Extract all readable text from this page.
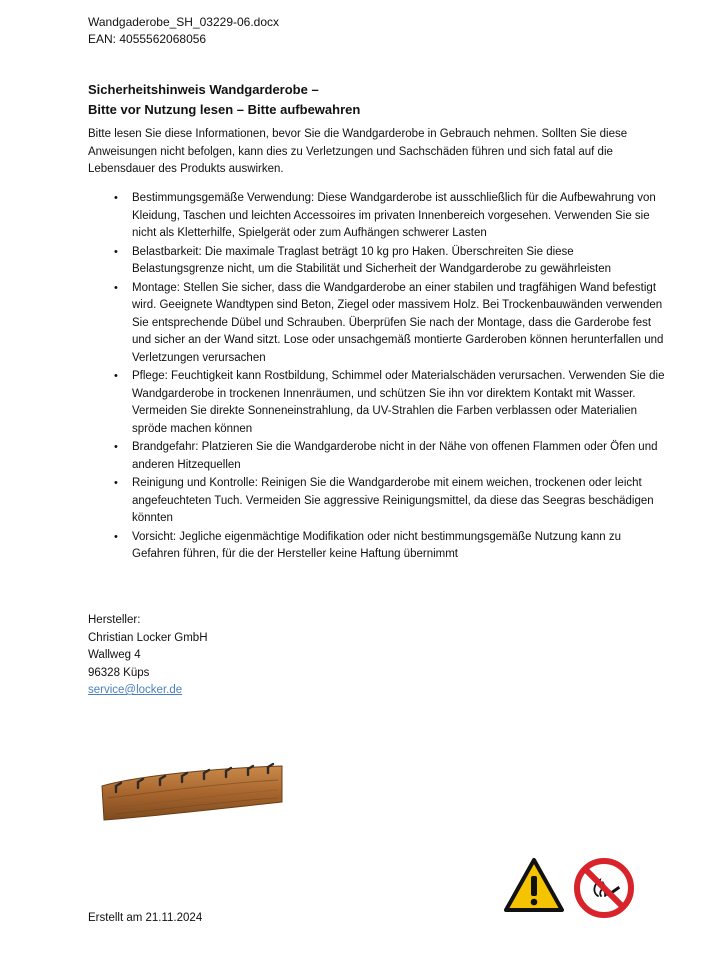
Wandgaderobe_SH_03229-06.docx
EAN: 4055562068056
Sicherheitshinweis Wandgarderobe –
Bitte vor Nutzung lesen – Bitte aufbewahren
Bitte lesen Sie diese Informationen, bevor Sie die Wandgarderobe in Gebrauch nehmen. Sollten Sie diese Anweisungen nicht befolgen, kann dies zu Verletzungen und Sachschäden führen und sich fatal auf die Lebensdauer des Produkts auswirken.
• Bestimmungsgemäße Verwendung: Diese Wandgarderobe ist ausschließlich für die Aufbewahrung von Kleidung, Taschen und leichten Accessoires im privaten Innenbereich vorgesehen. Verwenden Sie sie nicht als Kletterhilfe, Spielgerät oder zum Aufhängen schwerer Lasten
• Belastbarkeit: Die maximale Traglast beträgt 10 kg pro Haken. Überschreiten Sie diese Belastungsgrenze nicht, um die Stabilität und Sicherheit der Wandgarderobe zu gewährleisten
• Montage: Stellen Sie sicher, dass die Wandgarderobe an einer stabilen und tragfähigen Wand befestigt wird. Geeignete Wandtypen sind Beton, Ziegel oder massivem Holz. Bei Trockenbauwänden verwenden Sie entsprechende Dübel und Schrauben. Überprüfen Sie nach der Montage, dass die Garderobe fest und sicher an der Wand sitzt. Lose oder unsachgemäß montierte Garderoben können herunterfallen und Verletzungen verursachen
• Pflege: Feuchtigkeit kann Rostbildung, Schimmel oder Materialschäden verursachen. Verwenden Sie die Wandgarderobe in trockenen Innenräumen, und schützen Sie ihn vor direktem Kontakt mit Wasser. Vermeiden Sie direkte Sonneneinstrahlung, da UV-Strahlen die Farben verblassen oder Materialien spröde machen können
• Brandgefahr: Platzieren Sie die Wandgarderobe nicht in der Nähe von offenen Flammen oder Öfen und anderen Hitzequellen
• Reinigung und Kontrolle: Reinigen Sie die Wandgarderobe mit einem weichen, trockenen oder leicht angefeuchteten Tuch. Vermeiden Sie aggressive Reinigungsmittel, da diese das Seegras beschädigen könnten
• Vorsicht: Jegliche eigenmächtige Modifikation oder nicht bestimmungsgemäße Nutzung kann zu Gefahren führen, für die der Hersteller keine Haftung übernimmt
Hersteller:
Christian Locker GmbH
Wallweg 4
96328 Küps
service@locker.de
Erstellt am 21.11.2024
